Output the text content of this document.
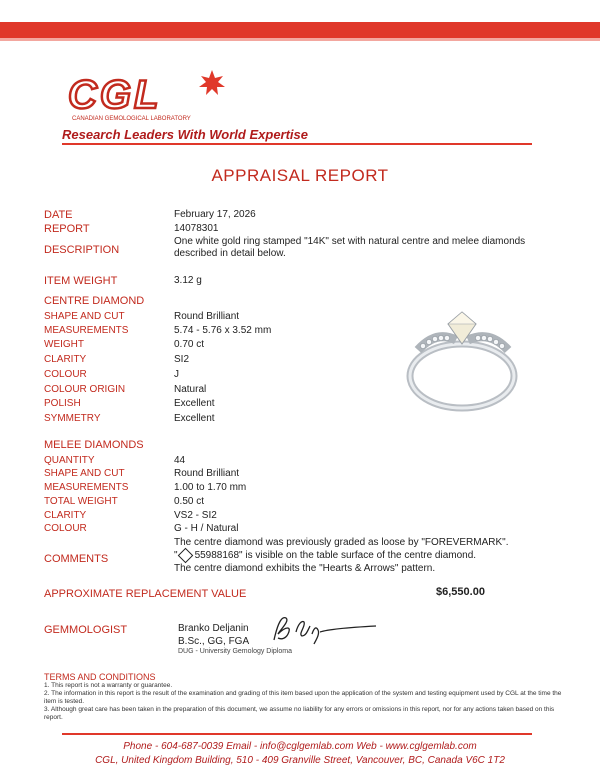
CGL
CANADIAN GEMOLOGICAL LABORATORY
Research Leaders With World Expertise
APPRAISAL REPORT
DATE	February 17, 2026
REPORT	14078301
DESCRIPTION
One white gold ring stamped "14K" set with natural centre and melee diamonds described in detail below.
ITEM WEIGHT	3.12 g
CENTRE DIAMOND
SHAPE AND CUT	Round Brilliant
MEASUREMENTS	5.74 - 5.76 x 3.52 mm
WEIGHT	0.70 ct
CLARITY	SI2
COLOUR	J
COLOUR ORIGIN	Natural
POLISH	Excellent
SYMMETRY	Excellent
MELEE DIAMONDS
QUANTITY	44
SHAPE AND CUT	Round Brilliant
MEASUREMENTS	1.00 to 1.70 mm
TOTAL WEIGHT	0.50 ct
CLARITY	VS2 - SI2
COLOUR	G - H / Natural
COMMENTS
The centre diamond was previously graded as loose by "FOREVERMARK".
" 55988168" is visible on the table surface of the centre diamond.
The centre diamond exhibits the "Hearts & Arrows" pattern.
APPROXIMATE REPLACEMENT VALUE	$6,550.00
GEMMOLOGIST	Branko Deljanin
B.Sc., GG, FGA
DUG - University Gemology Diploma
TERMS AND CONDITIONS
1. This report is not a warranty or guarantee.
2. The information in this report is the result of the examination and grading of this item based upon the application of the system and testing equipment used by CGL at the time the item is tested.
3. Although great care has been taken in the preparation of this document, we assume no liability for any errors or omissions in this report, nor for any actions taken based on this report.
Phone - 604-687-0039 Email - info@cglgemlab.com Web - www.cglgemlab.com
CGL, United Kingdom Building, 510 - 409 Granville Street, Vancouver, BC, Canada V6C 1T2
